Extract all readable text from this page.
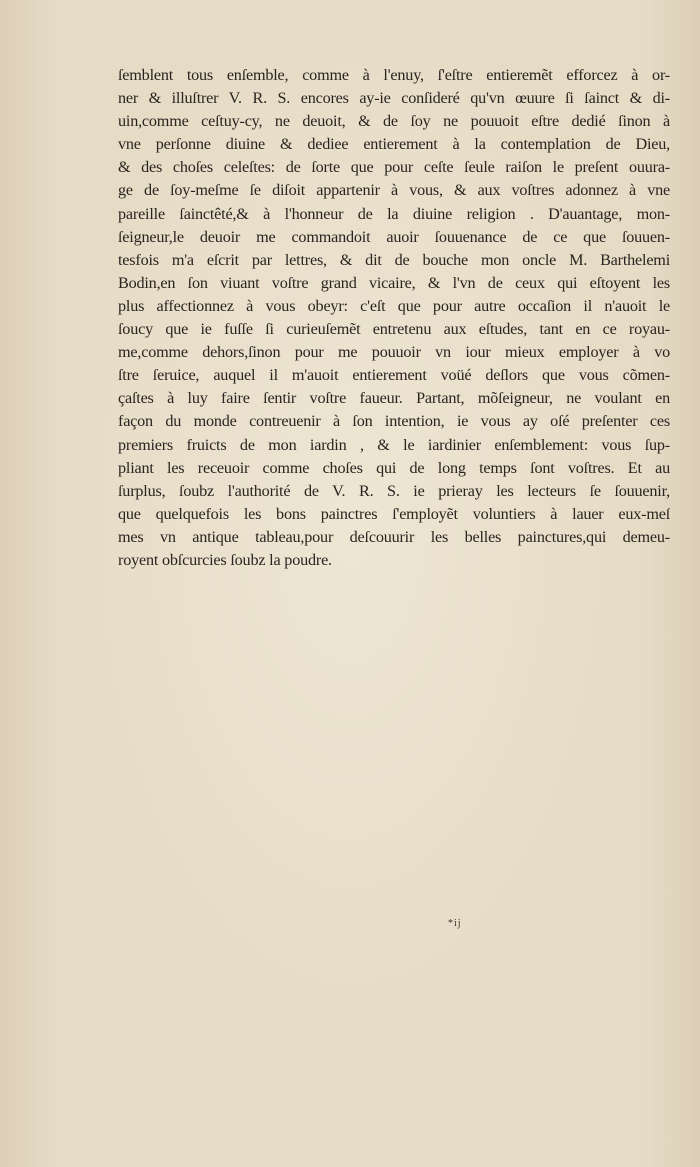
ſemblent tous enſemble, comme à l'enuy, ſ'eſtre entieremẽt efforcez à or-
ner & illuſtrer V. R. S. encores ay-ie conſideré qu'vn œuure ſi ſainct & di-
uin,comme ceſtuy-cy, ne deuoit, & de ſoy ne pouuoit eſtre dedié ſinon à
vne perſonne diuine & dediee entierement à la contemplation de Dieu,
& des choſes celeſtes: de ſorte que pour ceſte ſeule raiſon le preſent ouura-
ge de ſoy-meſme ſe diſoit appartenir à vous, & aux voſtres adonnez à vne
pareille ſainctêté,& à l'honneur de la diuine religion . D'auantage, mon-
ſeigneur,le deuoir me commandoit auoir ſouuenance de ce que ſouuen-
tesfois m'a eſcrit par lettres, & dit de bouche mon oncle M. Barthelemi
Bodin,en ſon viuant voſtre grand vicaire, & l'vn de ceux qui eſtoyent les
plus affectionnez à vous obeyr: c'eſt que pour autre occaſion il n'auoit le
ſoucy que ie fuſſe ſi curieuſemẽt entretenu aux eſtudes, tant en ce royau-
me,comme dehors,ſinon pour me pouuoir vn iour mieux employer à vo
ſtre ſeruice, auquel il m'auoit entierement voüé deſlors que vous cõmen-
çaſtes à luy faire ſentir voſtre faueur. Partant, mõſeigneur, ne voulant en
façon du monde contreuenir à ſon intention, ie vous ay oſé preſenter ces
premiers fruicts de mon iardin , & le iardinier enſemblement: vous ſup-
pliant les receuoir comme choſes qui de long temps ſont voſtres. Et au
ſurplus, ſoubz l'authorité de V. R. S. ie prieray les lecteurs ſe ſouuenir,
que quelquefois les bons painctres ſ'employẽt voluntiers à lauer eux-meſ
mes vn antique tableau,pour deſcouurir les belles painctures,qui demeu-
royent obſcurcies ſoubz la poudre.
*ij
